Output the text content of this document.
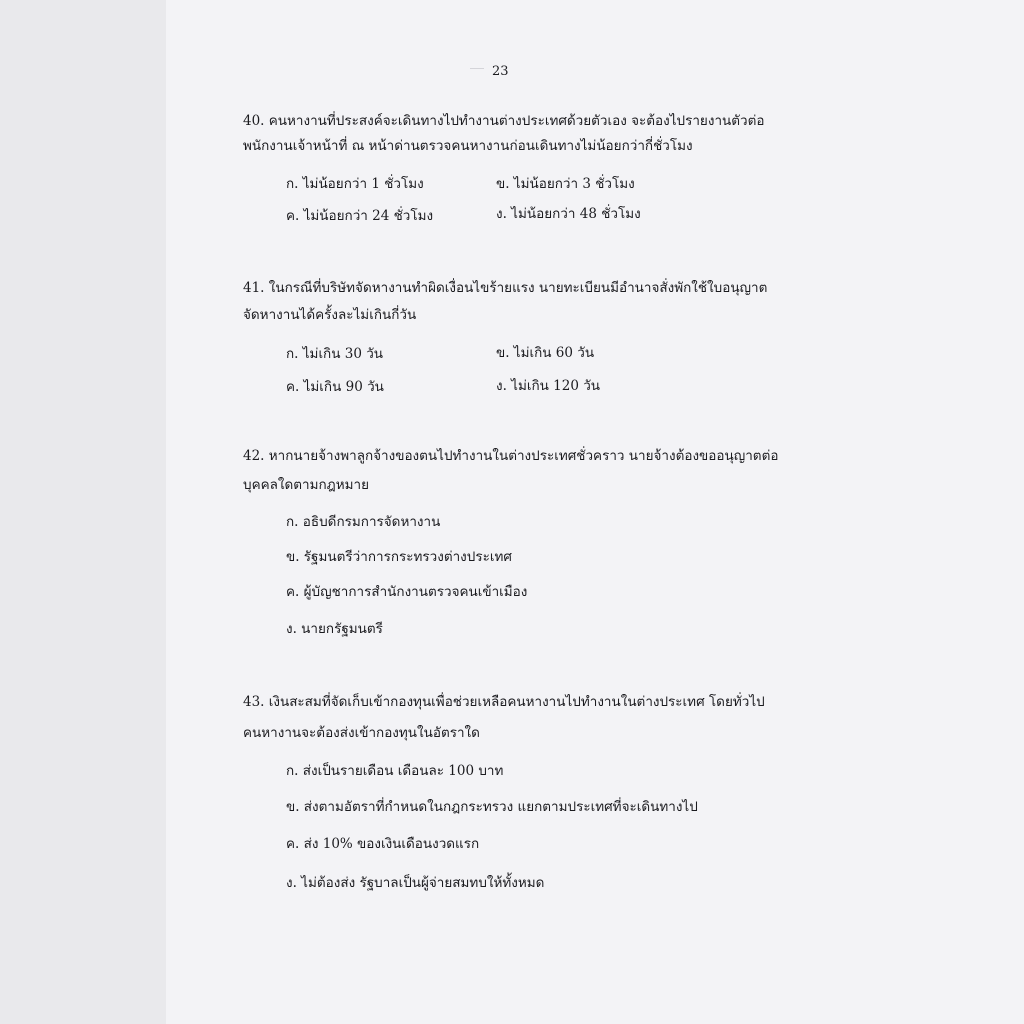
23
40. คนหางานที่ประสงค์จะเดินทางไปทำงานต่างประเทศด้วยตัวเอง จะต้องไปรายงานตัวต่อ
พนักงานเจ้าหน้าที่ ณ หน้าด่านตรวจคนหางานก่อนเดินทางไม่น้อยกว่ากี่ชั่วโมง
ก. ไม่น้อยกว่า 1 ชั่วโมง	ข. ไม่น้อยกว่า 3 ชั่วโมง
ค. ไม่น้อยกว่า 24 ชั่วโมง	ง. ไม่น้อยกว่า 48 ชั่วโมง
41. ในกรณีที่บริษัทจัดหางานทำผิดเงื่อนไขร้ายแรง นายทะเบียนมีอำนาจสั่งพักใช้ใบอนุญาต
จัดหางานได้ครั้งละไม่เกินกี่วัน
ก. ไม่เกิน 30 วัน	ข. ไม่เกิน 60 วัน
ค. ไม่เกิน 90 วัน	ง. ไม่เกิน 120 วัน
42. หากนายจ้างพาลูกจ้างของตนไปทำงานในต่างประเทศชั่วคราว นายจ้างต้องขออนุญาตต่อ
บุคคลใดตามกฎหมาย
ก. อธิบดีกรมการจัดหางาน
ข. รัฐมนตรีว่าการกระทรวงต่างประเทศ
ค. ผู้บัญชาการสำนักงานตรวจคนเข้าเมือง
ง. นายกรัฐมนตรี
43. เงินสะสมที่จัดเก็บเข้ากองทุนเพื่อช่วยเหลือคนหางานไปทำงานในต่างประเทศ โดยทั่วไป
คนหางานจะต้องส่งเข้ากองทุนในอัตราใด
ก. ส่งเป็นรายเดือน เดือนละ 100 บาท
ข. ส่งตามอัตราที่กำหนดในกฎกระทรวง แยกตามประเทศที่จะเดินทางไป
ค. ส่ง 10% ของเงินเดือนงวดแรก
ง. ไม่ต้องส่ง รัฐบาลเป็นผู้จ่ายสมทบให้ทั้งหมด
